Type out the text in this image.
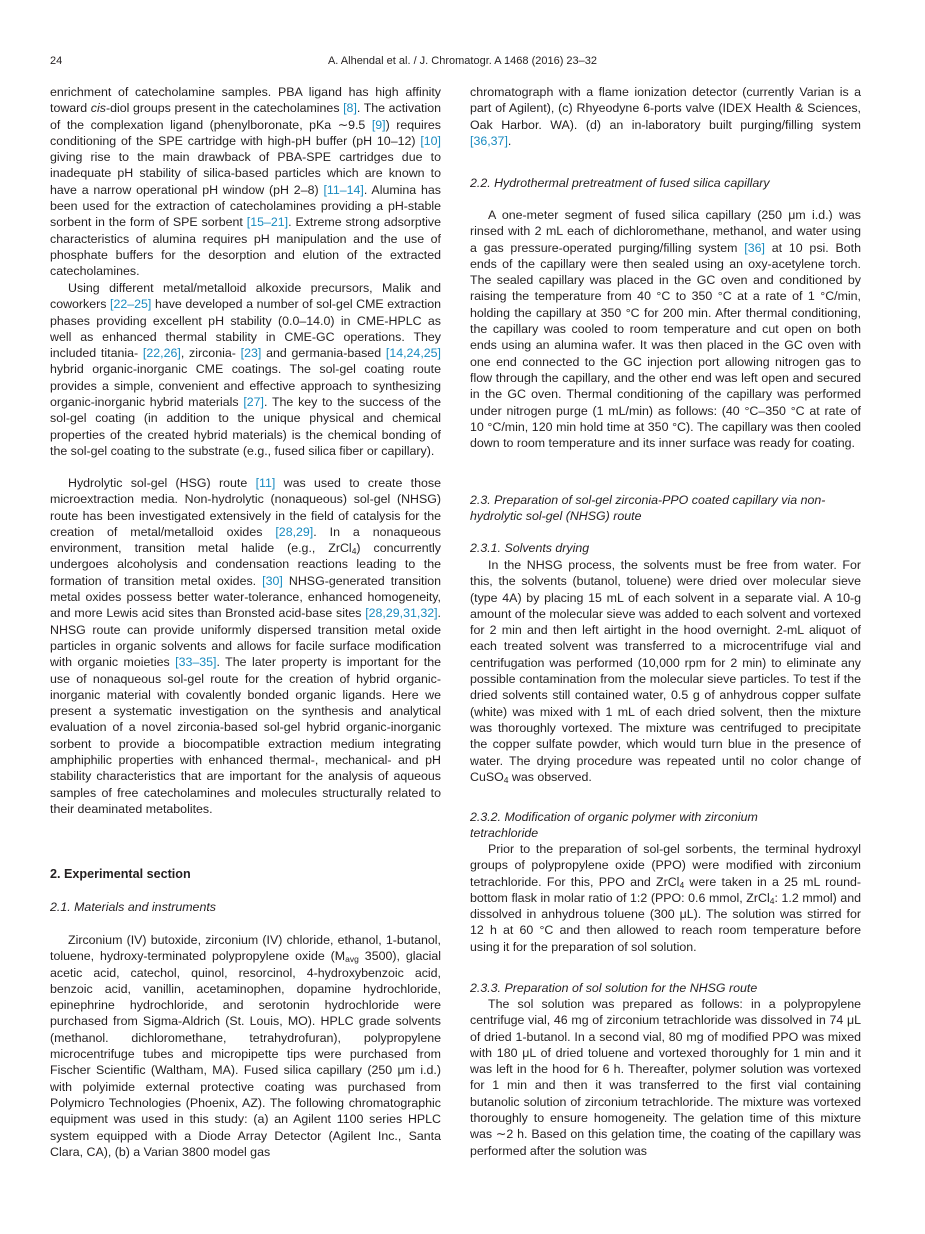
24	A. Alhendal et al. / J. Chromatogr. A 1468 (2016) 23–32

enrichment of catecholamine samples. PBA ligand has high affinity toward cis-diol groups present in the catecholamines [8]. The activation of the complexation ligand (phenylboronate, pKa ∼9.5 [9]) requires conditioning of the SPE cartridge with high-pH buffer (pH 10–12) [10] giving rise to the main drawback of PBA-SPE cartridges due to inadequate pH stability of silica-based particles which are known to have a narrow operational pH window (pH 2–8) [11–14]. Alumina has been used for the extraction of catecholamines providing a pH-stable sorbent in the form of SPE sorbent [15–21]. Extreme strong adsorptive characteristics of alumina requires pH manipulation and the use of phosphate buffers for the desorption and elution of the extracted catecholamines.

Using different metal/metalloid alkoxide precursors, Malik and coworkers [22–25] have developed a number of sol-gel CME extraction phases providing excellent pH stability (0.0–14.0) in CME-HPLC as well as enhanced thermal stability in CME-GC operations. They included titania- [22,26], zirconia- [23] and germania-based [14,24,25] hybrid organic-inorganic CME coatings. The sol-gel coating route provides a simple, convenient and effective approach to synthesizing organic-inorganic hybrid materials [27]. The key to the success of the sol-gel coating (in addition to the unique physical and chemical properties of the created hybrid materials) is the chemical bonding of the sol-gel coating to the substrate (e.g., fused silica fiber or capillary).

Hydrolytic sol-gel (HSG) route [11] was used to create those microextraction media. Non-hydrolytic (nonaqueous) sol-gel (NHSG) route has been investigated extensively in the field of catalysis for the creation of metal/metalloid oxides [28,29]. In a nonaqueous environment, transition metal halide (e.g., ZrCl$_4$) concurrently undergoes alcoholysis and condensation reactions leading to the formation of transition metal oxides. [30] NHSG-generated transition metal oxides possess better water-tolerance, enhanced homogeneity, and more Lewis acid sites than Bronsted acid-base sites [28,29,31,32]. NHSG route can provide uniformly dispersed transition metal oxide particles in organic solvents and allows for facile surface modification with organic moieties [33–35]. The later property is important for the use of nonaqueous sol-gel route for the creation of hybrid organic-inorganic material with covalently bonded organic ligands. Here we present a systematic investigation on the synthesis and analytical evaluation of a novel zirconia-based sol-gel hybrid organic-inorganic sorbent to provide a biocompatible extraction medium integrating amphiphilic properties with enhanced thermal-, mechanical- and pH stability characteristics that are important for the analysis of aqueous samples of free catecholamines and molecules structurally related to their deaminated metabolites.

2. Experimental section
2.1. Materials and instruments

Zirconium (IV) butoxide, zirconium (IV) chloride, ethanol, 1-butanol, toluene, hydroxy-terminated polypropylene oxide ($M_{avg}$ 3500), glacial acetic acid, catechol, quinol, resorcinol, 4-hydroxybenzoic acid, benzoic acid, vanillin, acetaminophen, dopamine hydrochloride, epinephrine hydrochloride, and serotonin hydrochloride were purchased from Sigma-Aldrich (St. Louis, MO). HPLC grade solvents (methanol. dichloromethane, tetrahydrofuran), polypropylene microcentrifuge tubes and micropipette tips were purchased from Fischer Scientific (Waltham, MA). Fused silica capillary (250 μm i.d.) with polyimide external protective coating was purchased from Polymicro Technologies (Phoenix, AZ). The following chromatographic equipment was used in this study: (a) an Agilent 1100 series HPLC system equipped with a Diode Array Detector (Agilent Inc., Santa Clara, CA), (b) a Varian 3800 model gas

chromatograph with a flame ionization detector (currently Varian is a part of Agilent), (c) Rhyeodyne 6-ports valve (IDEX Health & Sciences, Oak Harbor. WA). (d) an in-laboratory built purging/filling system [36,37].

2.2. Hydrothermal pretreatment of fused silica capillary

A one-meter segment of fused silica capillary (250 μm i.d.) was rinsed with 2 mL each of dichloromethane, methanol, and water using a gas pressure-operated purging/filling system [36] at 10 psi. Both ends of the capillary were then sealed using an oxy-acetylene torch. The sealed capillary was placed in the GC oven and conditioned by raising the temperature from 40 °C to 350 °C at a rate of 1 °C/min, holding the capillary at 350 °C for 200 min. After thermal conditioning, the capillary was cooled to room temperature and cut open on both ends using an alumina wafer. It was then placed in the GC oven with one end connected to the GC injection port allowing nitrogen gas to flow through the capillary, and the other end was left open and secured in the GC oven. Thermal conditioning of the capillary was performed under nitrogen purge (1 mL/min) as follows: (40 °C–350 °C at rate of 10 °C/min, 120 min hold time at 350 °C). The capillary was then cooled down to room temperature and its inner surface was ready for coating.

2.3. Preparation of sol-gel zirconia-PPO coated capillary via non-hydrolytic sol-gel (NHSG) route
2.3.1. Solvents drying

In the NHSG process, the solvents must be free from water. For this, the solvents (butanol, toluene) were dried over molecular sieve (type 4A) by placing 15 mL of each solvent in a separate vial. A 10-g amount of the molecular sieve was added to each solvent and vortexed for 2 min and then left airtight in the hood overnight. 2-mL aliquot of each treated solvent was transferred to a microcentrifuge vial and centrifugation was performed (10,000 rpm for 2 min) to eliminate any possible contamination from the molecular sieve particles. To test if the dried solvents still contained water, 0.5 g of anhydrous copper sulfate (white) was mixed with 1 mL of each dried solvent, then the mixture was thoroughly vortexed. The mixture was centrifuged to precipitate the copper sulfate powder, which would turn blue in the presence of water. The drying procedure was repeated until no color change of CuSO$_4$ was observed.

2.3.2. Modification of organic polymer with zirconium tetrachloride

Prior to the preparation of sol-gel sorbents, the terminal hydroxyl groups of polypropylene oxide (PPO) were modified with zirconium tetrachloride. For this, PPO and ZrCl$_4$ were taken in a 25 mL round-bottom flask in molar ratio of 1:2 (PPO: 0.6 mmol, ZrCl$_4$: 1.2 mmol) and dissolved in anhydrous toluene (300 μL). The solution was stirred for 12 h at 60 °C and then allowed to reach room temperature before using it for the preparation of sol solution.

2.3.3. Preparation of sol solution for the NHSG route

The sol solution was prepared as follows: in a polypropylene centrifuge vial, 46 mg of zirconium tetrachloride was dissolved in 74 μL of dried 1-butanol. In a second vial, 80 mg of modified PPO was mixed with 180 μL of dried toluene and vortexed thoroughly for 1 min and it was left in the hood for 6 h. Thereafter, polymer solution was vortexed for 1 min and then it was transferred to the first vial containing butanolic solution of zirconium tetrachloride. The mixture was vortexed thoroughly to ensure homogeneity. The gelation time of this mixture was ∼2 h. Based on this gelation time, the coating of the capillary was performed after the solution was
